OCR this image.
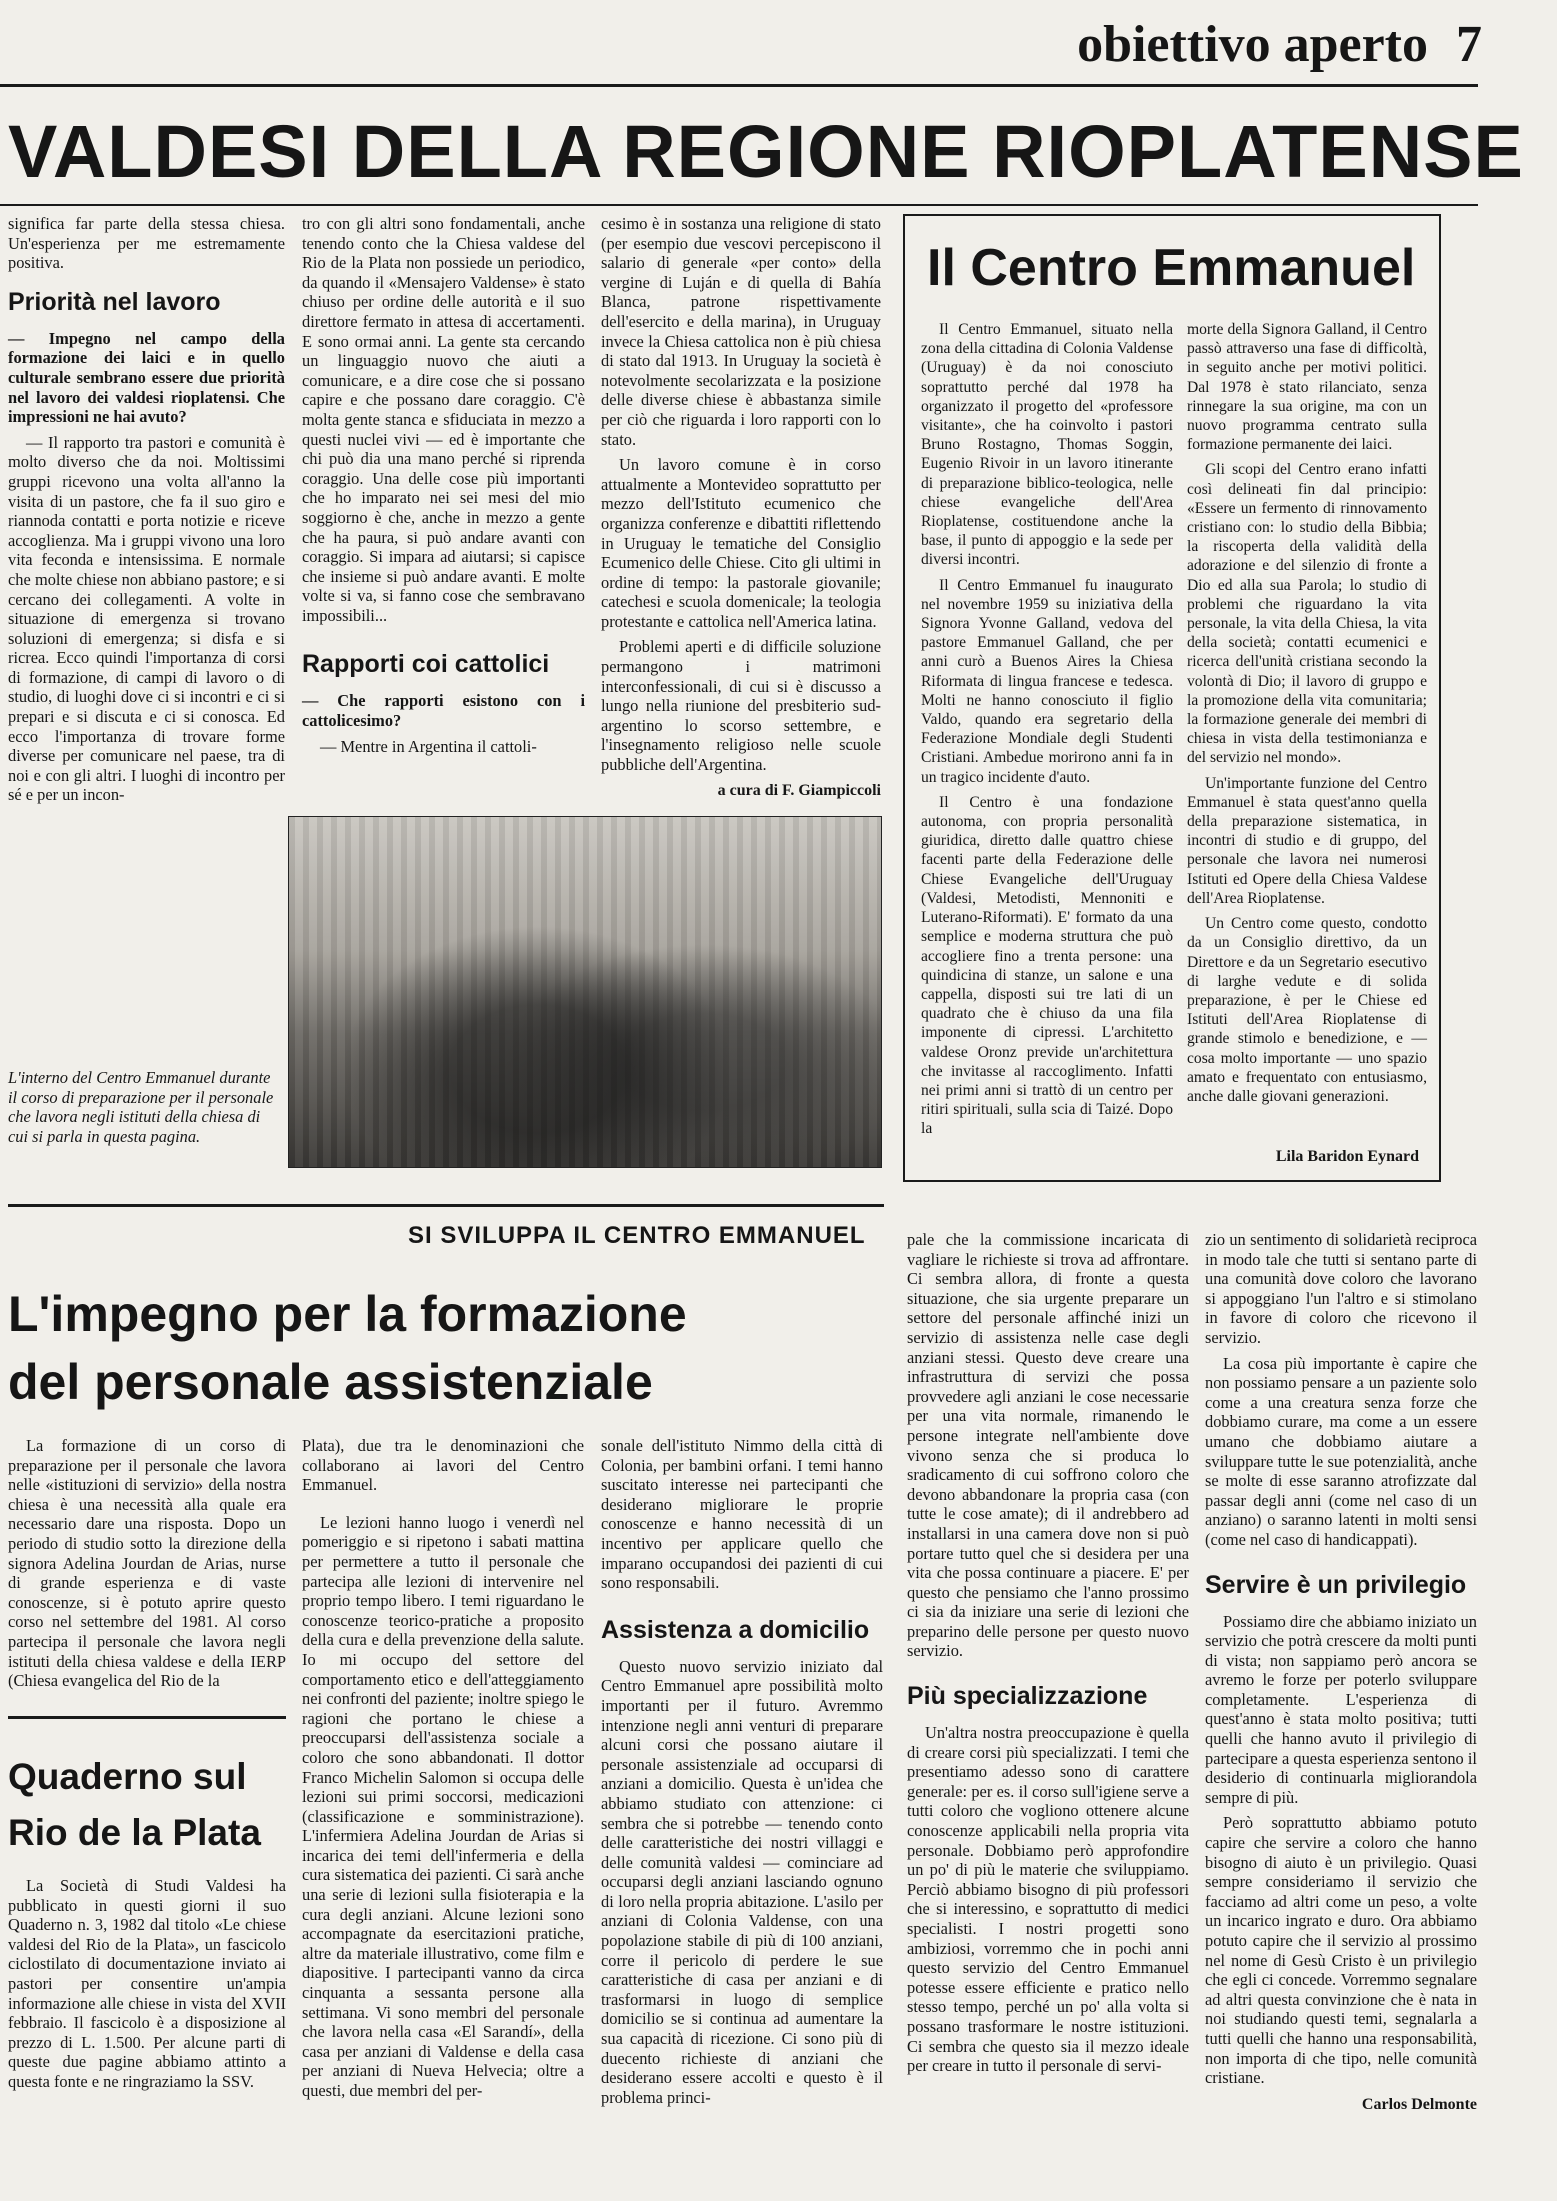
obiettivo aperto 7
VALDESI DELLA REGIONE RIOPLATENSE

significa far parte della stessa chiesa. Un'esperienza per me estremamente positiva.

Priorità nel lavoro

— Impegno nel campo della formazione dei laici e in quello culturale sembrano essere due priorità nel lavoro dei valdesi rioplatensi. Che impressioni ne hai avuto?

— Il rapporto tra pastori e comunità è molto diverso che da noi. Moltissimi gruppi ricevono una volta all'anno la visita di un pastore, che fa il suo giro e riannoda contatti e porta notizie e riceve accoglienza. Ma i gruppi vivono una loro vita feconda e intensissima. E normale che molte chiese non abbiano pastore; e si cercano dei collegamenti. A volte in situazione di emergenza si trovano soluzioni di emergenza; si disfa e si ricrea. Ecco quindi l'importanza di corsi di formazione, di campi di lavoro o di studio, di luoghi dove ci si incontri e ci si prepari e si discuta e ci si conosca. Ed ecco l'importanza di trovare forme diverse per comunicare nel paese, tra di noi e con gli altri. I luoghi di incontro per sé e per un incon-

tro con gli altri sono fondamentali, anche tenendo conto che la Chiesa valdese del Rio de la Plata non possiede un periodico, da quando il «Mensajero Valdense» è stato chiuso per ordine delle autorità e il suo direttore fermato in attesa di accertamenti. E sono ormai anni. La gente sta cercando un linguaggio nuovo che aiuti a comunicare, e a dire cose che si possano capire e che possano dare coraggio. C'è molta gente stanca e sfiduciata in mezzo a questi nuclei vivi — ed è importante che chi può dia una mano perché si riprenda coraggio. Una delle cose più importanti che ho imparato nei sei mesi del mio soggiorno è che, anche in mezzo a gente che ha paura, si può andare avanti con coraggio. Si impara ad aiutarsi; si capisce che insieme si può andare avanti. E molte volte si va, si fanno cose che sembravano impossibili...

Rapporti coi cattolici

— Che rapporti esistono con i cattolicesimo?

— Mentre in Argentina il cattoli-

cesimo è in sostanza una religione di stato (per esempio due vescovi percepiscono il salario di generale «per conto» della vergine di Luján e di quella di Bahía Blanca, patrone rispettivamente dell'esercito e della marina), in Uruguay invece la Chiesa cattolica non è più chiesa di stato dal 1913. In Uruguay la società è notevolmente secolarizzata e la posizione delle diverse chiese è abbastanza simile per ciò che riguarda i loro rapporti con lo stato.

Un lavoro comune è in corso attualmente a Montevideo soprattutto per mezzo dell'Istituto ecumenico che organizza conferenze e dibattiti riflettendo in Uruguay le tematiche del Consiglio Ecumenico delle Chiese. Cito gli ultimi in ordine di tempo: la pastorale giovanile; catechesi e scuola domenicale; la teologia protestante e cattolica nell'America latina.

Problemi aperti e di difficile soluzione permangono i matrimoni interconfessionali, di cui si è discusso a lungo nella riunione del presbiterio sud-argentino lo scorso settembre, e l'insegnamento religioso nelle scuole pubbliche dell'Argentina.

a cura di F. Giampiccoli
Il Centro Emmanuel

Il Centro Emmanuel, situato nella zona della cittadina di Colonia Valdense (Uruguay) è da noi conosciuto soprattutto perché dal 1978 ha organizzato il progetto del «professore visitante», che ha coinvolto i pastori Bruno Rostagno, Thomas Soggin, Eugenio Rivoir in un lavoro itinerante di preparazione biblico-teologica, nelle chiese evangeliche dell'Area Rioplatense, costituendone anche la base, il punto di appoggio e la sede per diversi incontri.

Il Centro Emmanuel fu inaugurato nel novembre 1959 su iniziativa della Signora Yvonne Galland, vedova del pastore Emmanuel Galland, che per anni curò a Buenos Aires la Chiesa Riformata di lingua francese e tedesca. Molti ne hanno conosciuto il figlio Valdo, quando era segretario della Federazione Mondiale degli Studenti Cristiani. Ambedue morirono anni fa in un tragico incidente d'auto.

Il Centro è una fondazione autonoma, con propria personalità giuridica, diretto dalle quattro chiese facenti parte della Federazione delle Chiese Evangeliche dell'Uruguay (Valdesi, Metodisti, Mennoniti e Luterano-Riformati). E' formato da una semplice e moderna struttura che può accogliere fino a trenta persone: una quindicina di stanze, un salone e una cappella, disposti sui tre lati di un quadrato che è chiuso da una fila imponente di cipressi. L'architetto valdese Oronz previde un'architettura che invitasse al raccoglimento. Infatti nei primi anni si trattò di un centro per ritiri spirituali, sulla scia di Taizé. Dopo la

morte della Signora Galland, il Centro passò attraverso una fase di difficoltà, in seguito anche per motivi politici. Dal 1978 è stato rilanciato, senza rinnegare la sua origine, ma con un nuovo programma centrato sulla formazione permanente dei laici.

Gli scopi del Centro erano infatti così delineati fin dal principio: «Essere un fermento di rinnovamento cristiano con: lo studio della Bibbia; la riscoperta della validità della adorazione e del silenzio di fronte a Dio ed alla sua Parola; lo studio di problemi che riguardano la vita personale, la vita della Chiesa, la vita della società; contatti ecumenici e ricerca dell'unità cristiana secondo la volontà di Dio; il lavoro di gruppo e la promozione della vita comunitaria; la formazione generale dei membri di chiesa in vista della testimonianza e del servizio nel mondo».

Un'importante funzione del Centro Emmanuel è stata quest'anno quella della preparazione sistematica, in incontri di studio e di gruppo, del personale che lavora nei numerosi Istituti ed Opere della Chiesa Valdese dell'Area Rioplatense.

Un Centro come questo, condotto da un Consiglio direttivo, da un Direttore e da un Segretario esecutivo di larghe vedute e di solida preparazione, è per le Chiese ed Istituti dell'Area Rioplatense di grande stimolo e benedizione, e — cosa molto importante — uno spazio amato e frequentato con entusiasmo, anche dalle giovani generazioni.

Lila Baridon Eynard
L'interno del Centro Emmanuel durante il corso di preparazione per il personale che lavora negli istituti della chiesa di cui si parla in questa pagina.
SI SVILUPPA IL CENTRO EMMANUEL
L'impegno per la formazione
del personale assistenziale

La formazione di un corso di preparazione per il personale che lavora nelle «istituzioni di servizio» della nostra chiesa è una necessità alla quale era necessario dare una risposta. Dopo un periodo di studio sotto la direzione della signora Adelina Jourdan de Arias, nurse di grande esperienza e di vaste conoscenze, si è potuto aprire questo corso nel settembre del 1981. Al corso partecipa il personale che lavora negli istituti della chiesa valdese e della IERP (Chiesa evangelica del Rio de la

Quaderno sul
Rio de la Plata

La Società di Studi Valdesi ha pubblicato in questi giorni il suo Quaderno n. 3, 1982 dal titolo «Le chiese valdesi del Rio de la Plata», un fascicolo ciclostilato di documentazione inviato ai pastori per consentire un'ampia informazione alle chiese in vista del XVII febbraio. Il fascicolo è a disposizione al prezzo di L. 1.500. Per alcune parti di queste due pagine abbiamo attinto a questa fonte e ne ringraziamo la SSV.

Plata), due tra le denominazioni che collaborano ai lavori del Centro Emmanuel.

Le lezioni hanno luogo i venerdì nel pomeriggio e si ripetono i sabati mattina per permettere a tutto il personale che partecipa alle lezioni di intervenire nel proprio tempo libero. I temi riguardano le conoscenze teorico-pratiche a proposito della cura e della prevenzione della salute. Io mi occupo del settore del comportamento etico e dell'atteggiamento nei confronti del paziente; inoltre spiego le ragioni che portano le chiese a preoccuparsi dell'assistenza sociale a coloro che sono abbandonati. Il dottor Franco Michelin Salomon si occupa delle lezioni sui primi soccorsi, medicazioni (classificazione e somministrazione). L'infermiera Adelina Jourdan de Arias si incarica dei temi dell'infermeria e della cura sistematica dei pazienti. Ci sarà anche una serie di lezioni sulla fisioterapia e la cura degli anziani. Alcune lezioni sono accompagnate da esercitazioni pratiche, altre da materiale illustrativo, come film e diapositive. I partecipanti vanno da circa cinquanta a sessanta persone alla settimana. Vi sono membri del personale che lavora nella casa «El Sarandí», della casa per anziani di Valdense e della casa per anziani di Nueva Helvecia; oltre a questi, due membri del per-

sonale dell'istituto Nimmo della città di Colonia, per bambini orfani. I temi hanno suscitato interesse nei partecipanti che desiderano migliorare le proprie conoscenze e hanno necessità di un incentivo per applicare quello che imparano occupandosi dei pazienti di cui sono responsabili.

Assistenza a domicilio

Questo nuovo servizio iniziato dal Centro Emmanuel apre possibilità molto importanti per il futuro. Avremmo intenzione negli anni venturi di preparare alcuni corsi che possano aiutare il personale assistenziale ad occuparsi di anziani a domicilio. Questa è un'idea che abbiamo studiato con attenzione: ci sembra che si potrebbe — tenendo conto delle caratteristiche dei nostri villaggi e delle comunità valdesi — cominciare ad occuparsi degli anziani lasciando ognuno di loro nella propria abitazione. L'asilo per anziani di Colonia Valdense, con una popolazione stabile di più di 100 anziani, corre il pericolo di perdere le sue caratteristiche di casa per anziani e di trasformarsi in luogo di semplice domicilio se si continua ad aumentare la sua capacità di ricezione. Ci sono più di duecento richieste di anziani che desiderano essere accolti e questo è il problema princi-

pale che la commissione incaricata di vagliare le richieste si trova ad affrontare. Ci sembra allora, di fronte a questa situazione, che sia urgente preparare un settore del personale affinché inizi un servizio di assistenza nelle case degli anziani stessi. Questo deve creare una infrastruttura di servizi che possa provvedere agli anziani le cose necessarie per una vita normale, rimanendo le persone integrate nell'ambiente dove vivono senza che si produca lo sradicamento di cui soffrono coloro che devono abbandonare la propria casa (con tutte le cose amate); di il andrebbero ad installarsi in una camera dove non si può portare tutto quel che si desidera per una vita che possa continuare a piacere. E' per questo che pensiamo che l'anno prossimo ci sia da iniziare una serie di lezioni che preparino delle persone per questo nuovo servizio.

Più specializzazione

Un'altra nostra preoccupazione è quella di creare corsi più specializzati. I temi che presentiamo adesso sono di carattere generale: per es. il corso sull'igiene serve a tutti coloro che vogliono ottenere alcune conoscenze applicabili nella propria vita personale. Dobbiamo però approfondire un po' di più le materie che sviluppiamo. Perciò abbiamo bisogno di più professori che si interessino, e soprattutto di medici specialisti. I nostri progetti sono ambiziosi, vorremmo che in pochi anni questo servizio del Centro Emmanuel potesse essere efficiente e pratico nello stesso tempo, perché un po' alla volta si possano trasformare le nostre istituzioni. Ci sembra che questo sia il mezzo ideale per creare in tutto il personale di servi-

zio un sentimento di solidarietà reciproca in modo tale che tutti si sentano parte di una comunità dove coloro che lavorano si appoggiano l'un l'altro e si stimolano in favore di coloro che ricevono il servizio.

La cosa più importante è capire che non possiamo pensare a un paziente solo come a una creatura senza forze che dobbiamo curare, ma come a un essere umano che dobbiamo aiutare a sviluppare tutte le sue potenzialità, anche se molte di esse saranno atrofizzate dal passar degli anni (come nel caso di un anziano) o saranno latenti in molti sensi (come nel caso di handicappati).

Servire è un privilegio

Possiamo dire che abbiamo iniziato un servizio che potrà crescere da molti punti di vista; non sappiamo però ancora se avremo le forze per poterlo sviluppare completamente. L'esperienza di quest'anno è stata molto positiva; tutti quelli che hanno avuto il privilegio di partecipare a questa esperienza sentono il desiderio di continuarla migliorandola sempre di più.

Però soprattutto abbiamo potuto capire che servire a coloro che hanno bisogno di aiuto è un privilegio. Quasi sempre consideriamo il servizio che facciamo ad altri come un peso, a volte un incarico ingrato e duro. Ora abbiamo potuto capire che il servizio al prossimo nel nome di Gesù Cristo è un privilegio che egli ci concede. Vorremmo segnalare ad altri questa convinzione che è nata in noi studiando questi temi, segnalarla a tutti quelli che hanno una responsabilità, non importa di che tipo, nelle comunità cristiane.

Carlos Delmonte
